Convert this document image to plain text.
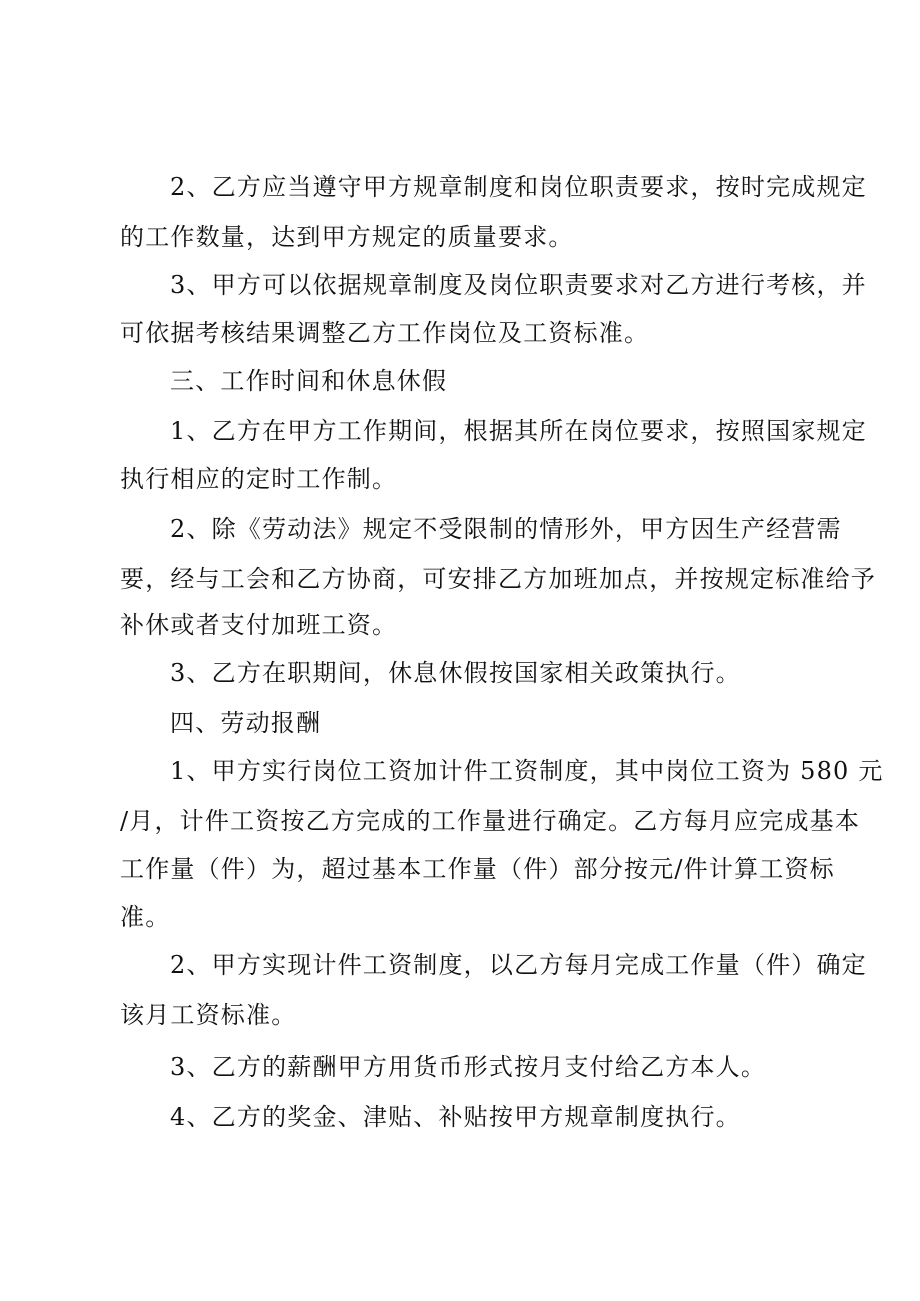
2、乙方应当遵守甲方规章制度和岗位职责要求，按时完成规定
的工作数量，达到甲方规定的质量要求。
3、甲方可以依据规章制度及岗位职责要求对乙方进行考核，并
可依据考核结果调整乙方工作岗位及工资标准。
三、工作时间和休息休假
1、乙方在甲方工作期间，根据其所在岗位要求，按照国家规定
执行相应的定时工作制。
2、除《劳动法》规定不受限制的情形外，甲方因生产经营需
要，经与工会和乙方协商，可安排乙方加班加点，并按规定标准给予
补休或者支付加班工资。
3、乙方在职期间，休息休假按国家相关政策执行。
四、劳动报酬
1、甲方实行岗位工资加计件工资制度，其中岗位工资为 580 元
/月，计件工资按乙方完成的工作量进行确定。乙方每月应完成基本
工作量（件）为，超过基本工作量（件）部分按元/件计算工资标
准。
2、甲方实现计件工资制度，以乙方每月完成工作量（件）确定
该月工资标准。
3、乙方的薪酬甲方用货币形式按月支付给乙方本人。
4、乙方的奖金、津贴、补贴按甲方规章制度执行。
